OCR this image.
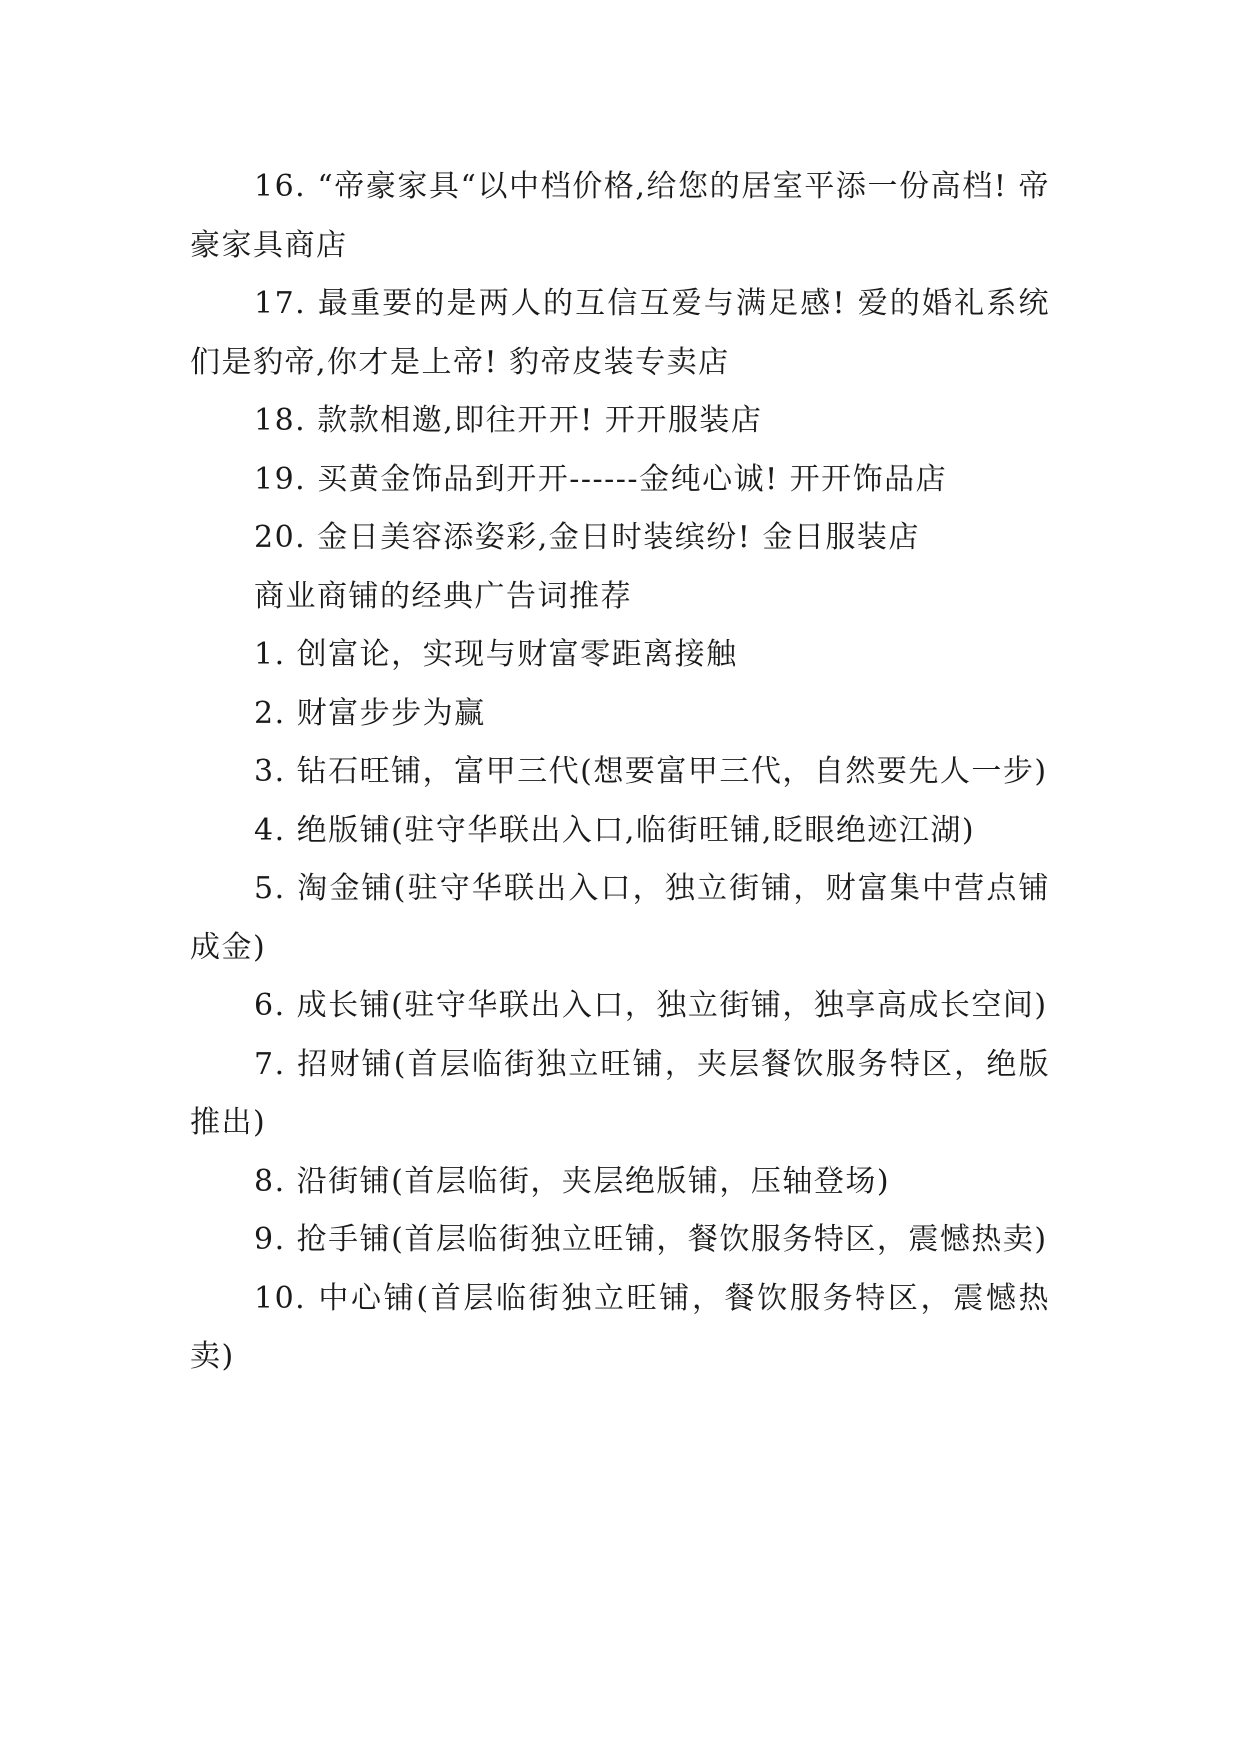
16. “帝豪家具“以中档价格,给您的居室平添一份高档! 帝豪家具商店

17. 最重要的是两人的互信互爱与满足感! 爱的婚礼系统们是豹帝,你才是上帝! 豹帝皮装专卖店

18. 款款相邀,即往开开! 开开服装店

19. 买黄金饰品到开开------金纯心诚! 开开饰品店

20. 金日美容添姿彩,金日时装缤纷! 金日服装店

商业商铺的经典广告词推荐

1. 创富论，实现与财富零距离接触

2. 财富步步为赢

3. 钻石旺铺，富甲三代(想要富甲三代，自然要先人一步)

4. 绝版铺(驻守华联出入口,临街旺铺,眨眼绝迹江湖)

5. 淘金铺(驻守华联出入口，独立街铺，财富集中营点铺成金)

6. 成长铺(驻守华联出入口，独立街铺，独享高成长空间)

7. 招财铺(首层临街独立旺铺，夹层餐饮服务特区，绝版推出)

8. 沿街铺(首层临街，夹层绝版铺，压轴登场)

9. 抢手铺(首层临街独立旺铺，餐饮服务特区，震憾热卖)

10. 中心铺(首层临街独立旺铺，餐饮服务特区，震憾热卖)
